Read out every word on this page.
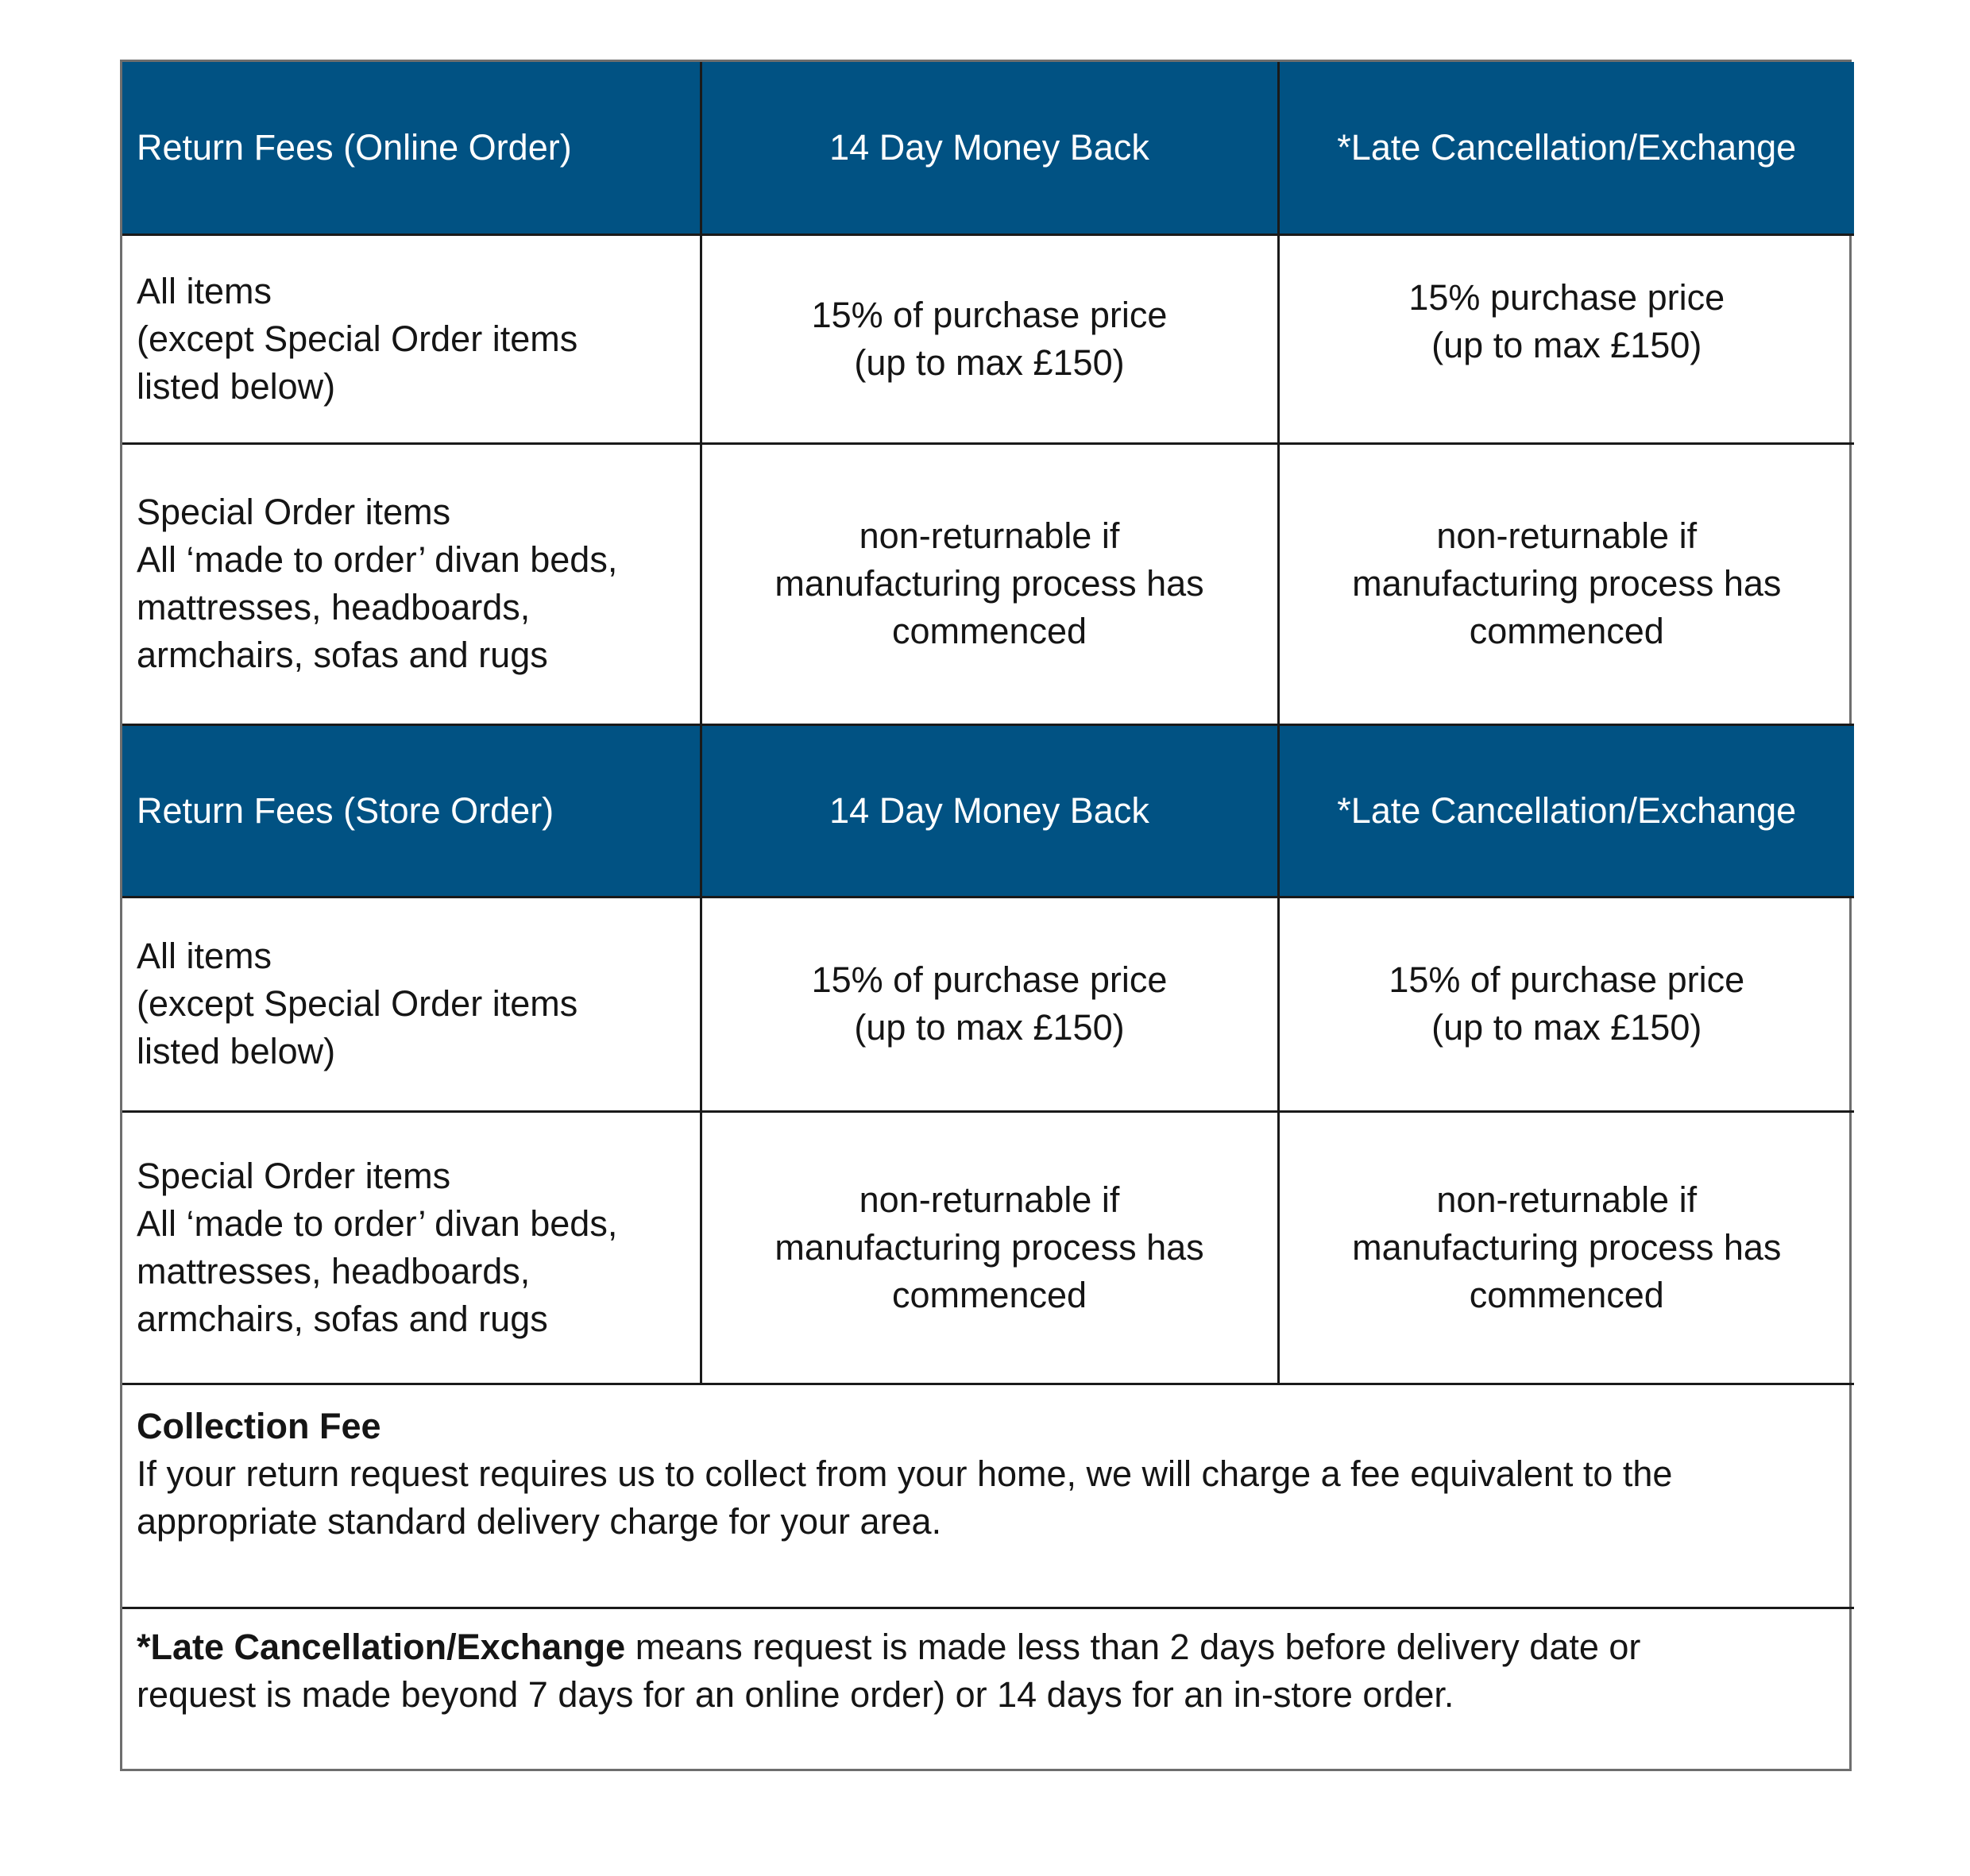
Return Fees (Online Order)	14 Day Money Back	*Late Cancellation/Exchange

All items
(except Special Order items
listed below)	15% of purchase price
(up to max £150)	15% purchase price
(up to max £150)

Special Order items
All ‘made to order’ divan beds,
mattresses, headboards,
armchairs, sofas and rugs	non-returnable if
manufacturing process has
commenced	non-returnable if
manufacturing process has
commenced

Return Fees (Store Order)	14 Day Money Back	*Late Cancellation/Exchange

All items
(except Special Order items
listed below)	15% of purchase price
(up to max £150)	15% of purchase price
(up to max £150)

Special Order items
All ‘made to order’ divan beds,
mattresses, headboards,
armchairs, sofas and rugs	non-returnable if
manufacturing process has
commenced	non-returnable if
manufacturing process has
commenced

Collection Fee
If your return request requires us to collect from your home, we will charge a fee equivalent to the
appropriate standard delivery charge for your area.		

*Late Cancellation/Exchange means request is made less than 2 days before delivery date or
request is made beyond 7 days for an online order) or 14 days for an in-store order.		
